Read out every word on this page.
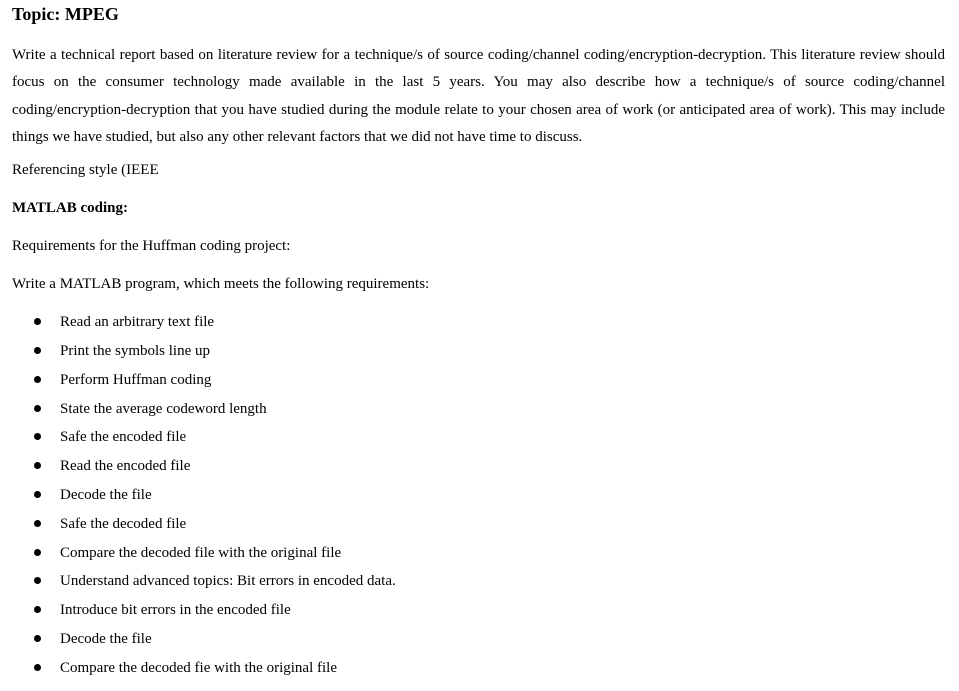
Topic: MPEG
Write a technical report based on literature review for a technique/s of source coding/channel coding/encryption-decryption. This literature review should focus on the consumer technology made available in the last 5 years. You may also describe how a technique/s of source coding/channel coding/encryption-decryption that you have studied during the module relate to your chosen area of work (or anticipated area of work). This may include things we have studied, but also any other relevant factors that we did not have time to discuss.
Referencing style (IEEE
MATLAB coding:
Requirements for the Huffman coding project:
Write a MATLAB program, which meets the following requirements:
Read an arbitrary text file
Print the symbols line up
Perform Huffman coding
State the average codeword length
Safe the encoded file
Read the encoded file
Decode the file
Safe the decoded file
Compare the decoded file with the original file
Understand advanced topics: Bit errors in encoded data.
Introduce bit errors in the encoded file
Decode the file
Compare the decoded fie with the original file
